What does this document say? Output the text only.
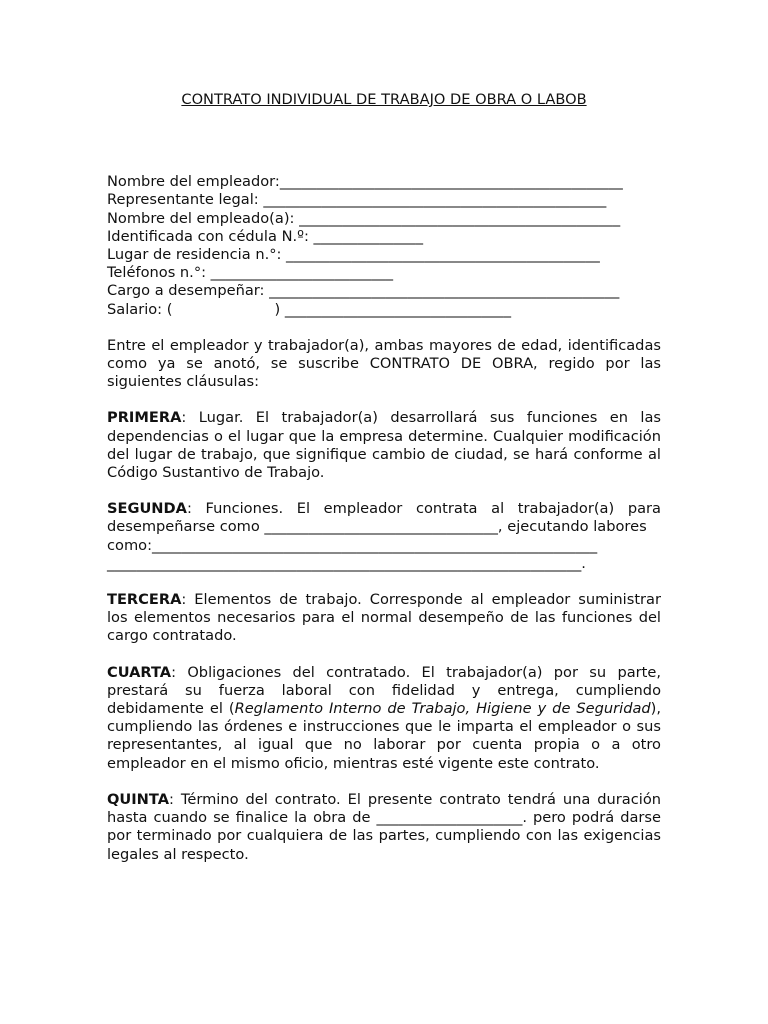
CONTRATO INDIVIDUAL DE TRABAJO DE OBRA O LABOB
Nombre del empleador:_______________________________________________
Representante legal: _______________________________________________
Nombre del empleado(a): ____________________________________________
Identificada con cédula N.º: _______________
Lugar de residencia n.°: ___________________________________________
Teléfonos n.°: _________________________
Cargo a desempeñar: ________________________________________________
Salario: (                      ) _______________________________

Entre el empleador y trabajador(a), ambas mayores de edad, identificadas como ya se anotó, se suscribe CONTRATO DE OBRA, regido por las siguientes cláusulas:

PRIMERA: Lugar. El trabajador(a) desarrollará sus funciones en las dependencias o el lugar que la empresa determine. Cualquier modificación del lugar de trabajo, que signifique cambio de ciudad, se hará conforme al Código Sustantivo de Trabajo.

SEGUNDA: Funciones. El empleador contrata al trabajador(a) para desempeñarse como ________________________________, ejecutando labores

como:_____________________________________________________________
_________________________________________________________________.

TERCERA: Elementos de trabajo. Corresponde al empleador suministrar los elementos necesarios para el normal desempeño de las funciones del cargo contratado.

CUARTA: Obligaciones del contratado. El trabajador(a) por su parte, prestará su fuerza laboral con fidelidad y entrega, cumpliendo debidamente el (Reglamento Interno de Trabajo, Higiene y de Seguridad), cumpliendo las órdenes e instrucciones que le imparta el empleador o sus representantes, al igual que no laborar por cuenta propia o a otro empleador en el mismo oficio, mientras esté vigente este contrato.

QUINTA: Término del contrato. El presente contrato tendrá una duración hasta cuando se finalice la obra de ____________________. pero podrá darse por terminado por cualquiera de las partes, cumpliendo con las exigencias legales al respecto.
